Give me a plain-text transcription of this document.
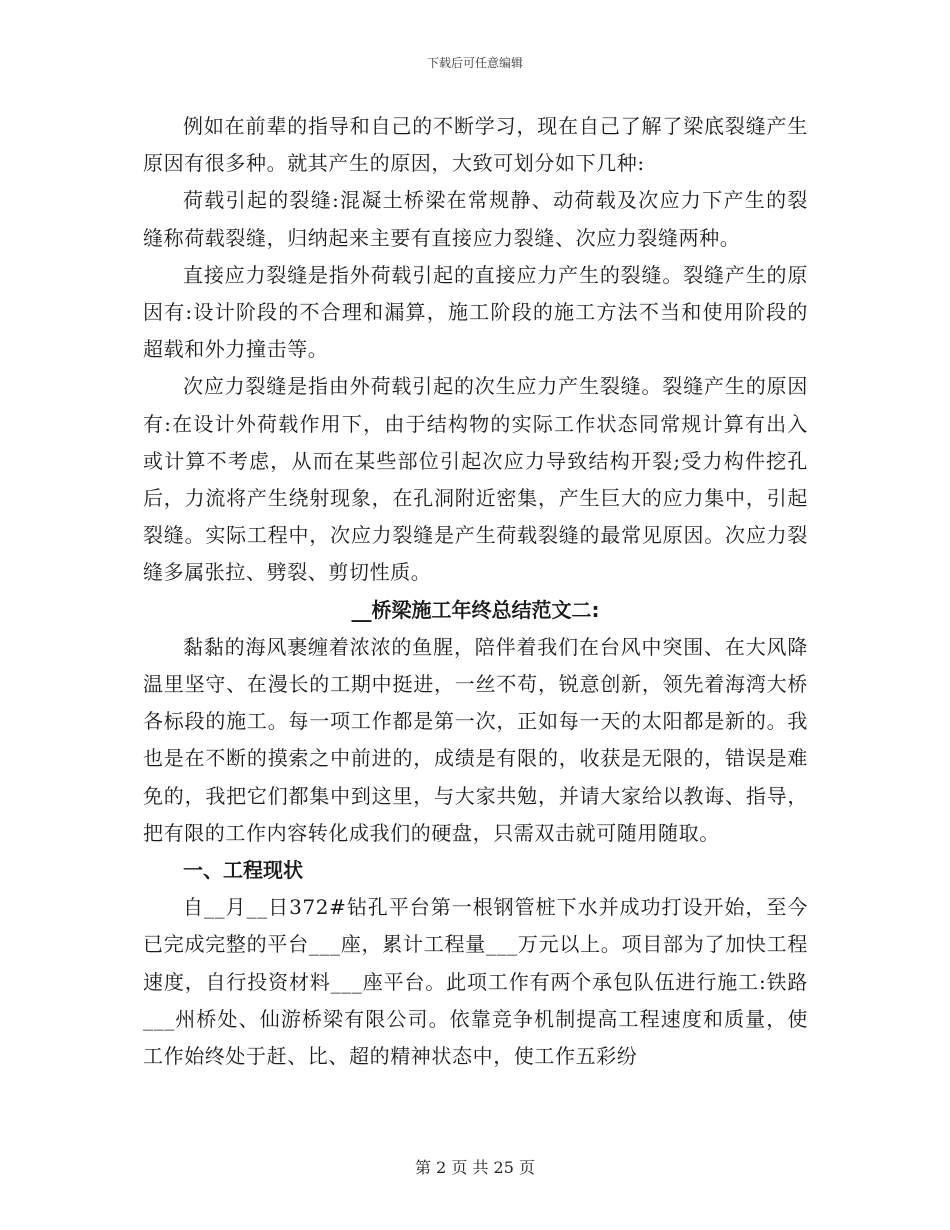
下载后可任意编辑

例如在前辈的指导和自己的不断学习，现在自己了解了梁底裂缝产生原因有很多种。就其产生的原因，大致可划分如下几种:

荷载引起的裂缝:混凝土桥梁在常规静、动荷载及次应力下产生的裂缝称荷载裂缝，归纳起来主要有直接应力裂缝、次应力裂缝两种。

直接应力裂缝是指外荷载引起的直接应力产生的裂缝。裂缝产生的原因有:设计阶段的不合理和漏算，施工阶段的施工方法不当和使用阶段的超载和外力撞击等。

次应力裂缝是指由外荷载引起的次生应力产生裂缝。裂缝产生的原因有:在设计外荷载作用下，由于结构物的实际工作状态同常规计算有出入或计算不考虑，从而在某些部位引起次应力导致结构开裂;受力构件挖孔后，力流将产生绕射现象，在孔洞附近密集，产生巨大的应力集中，引起裂缝。实际工程中，次应力裂缝是产生荷载裂缝的最常见原因。次应力裂缝多属张拉、劈裂、剪切性质。

__桥梁施工年终总结范文二:

黏黏的海风裹缠着浓浓的鱼腥，陪伴着我们在台风中突围、在大风降温里坚守、在漫长的工期中挺进，一丝不苟，锐意创新，领先着海湾大桥各标段的施工。每一项工作都是第一次，正如每一天的太阳都是新的。我也是在不断的摸索之中前进的，成绩是有限的，收获是无限的，错误是难免的，我把它们都集中到这里，与大家共勉，并请大家给以教诲、指导，把有限的工作内容转化成我们的硬盘，只需双击就可随用随取。

一、工程现状

自__月__日372#钻孔平台第一根钢管桩下水并成功打设开始，至今已完成完整的平台___座，累计工程量___万元以上。项目部为了加快工程速度，自行投资材料___座平台。此项工作有两个承包队伍进行施工:铁路___州桥处、仙游桥梁有限公司。依靠竞争机制提高工程速度和质量，使工作始终处于赶、比、超的精神状态中，使工作五彩纷

第 2 页 共 25 页
